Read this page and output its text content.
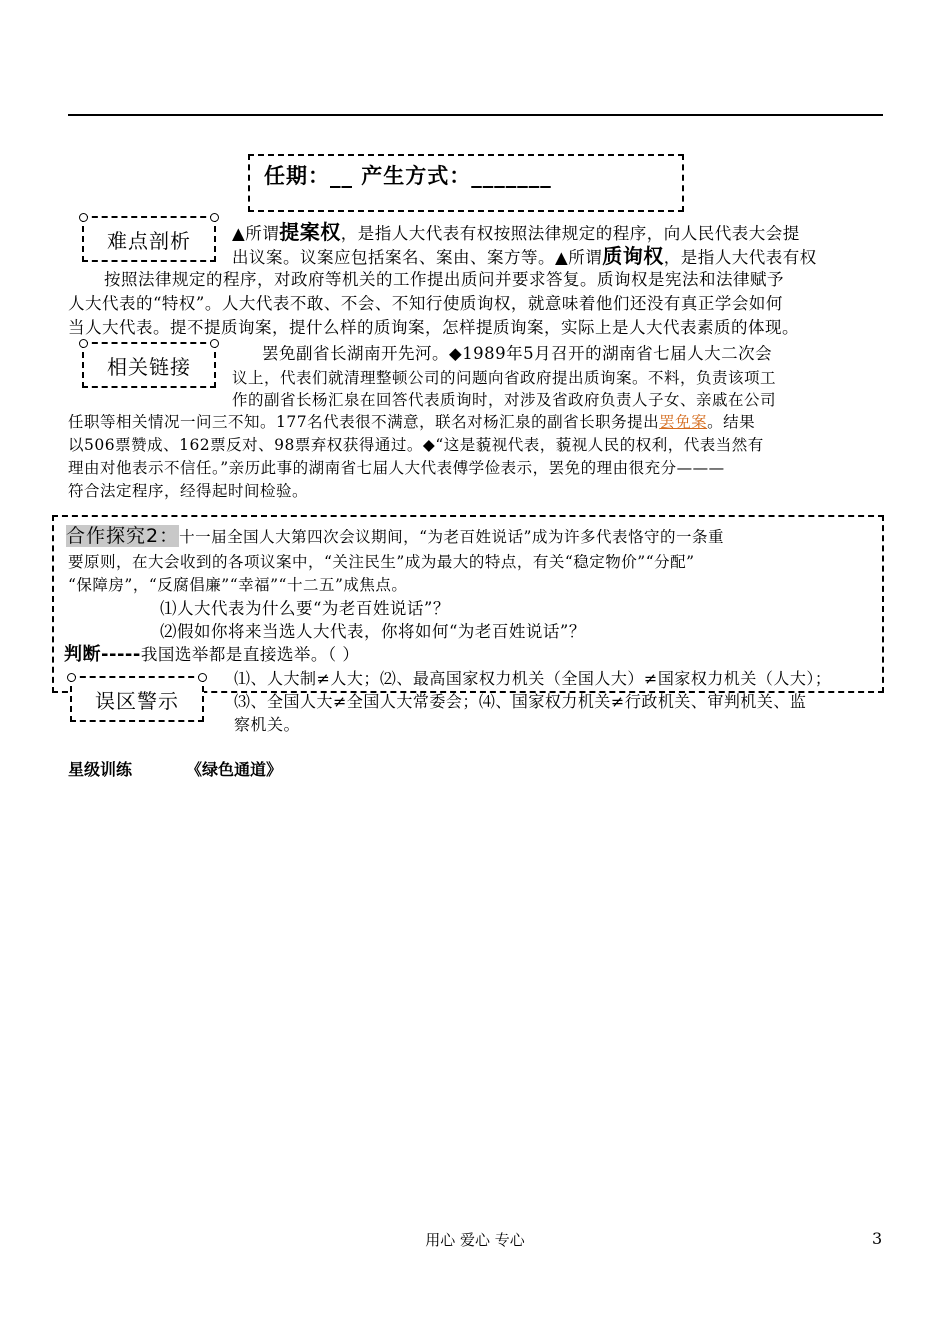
任期：__ 产生方式：_______
▲所谓提案权，是指人大代表有权按照法律规定的程序，向人民代表大会提
出议案。议案应包括案名、案由、案方等。▲所谓质询权，是指人大代表有权
按照法律规定的程序，对政府等机关的工作提出质问并要求答复。质询权是宪法和法律赋予
人大代表的“特权”。人大代表不敢、不会、不知行使质询权，就意味着他们还没有真正学会如何
当人大代表。提不提质询案，提什么样的质询案，怎样提质询案，实际上是人大代表素质的体现。
难点剖析
罢免副省长湖南开先河。◆1989年5月召开的湖南省七届人大二次会
议上，代表们就清理整顿公司的问题向省政府提出质询案。不料，负责该项工
作的副省长杨汇泉在回答代表质询时，对涉及省政府负责人子女、亲戚在公司
任职等相关情况一问三不知。177名代表很不满意，联名对杨汇泉的副省长职务提出罢免案。结果
以506票赞成、162票反对、98票弃权获得通过。◆“这是藐视代表，藐视人民的权利，代表当然有
理由对他表示不信任。”亲历此事的湖南省七届人大代表傅学俭表示，罢免的理由很充分———
符合法定程序，经得起时间检验。
相关链接
合作探究2：十一届全国人大第四次会议期间，“为老百姓说话”成为许多代表恪守的一条重
要原则，在大会收到的各项议案中，“关注民生”成为最大的特点，有关“稳定物价”“分配”
“保障房”，“反腐倡廉”“幸福”“十二五”成焦点。
⑴人大代表为什么要“为老百姓说话”？
⑵假如你将来当选人大代表，你将如何“为老百姓说话”？
判断-----我国选举都是直接选举。（ ）
⑴、人大制≠人大；⑵、最高国家权力机关（全国人大）≠国家权力机关（人大）；
⑶、全国人大≠全国人大常委会；⑷、国家权力机关≠行政机关、审判机关、监
察机关。
误区警示
星级训练	《绿色通道》
用心 爱心 专心	3
